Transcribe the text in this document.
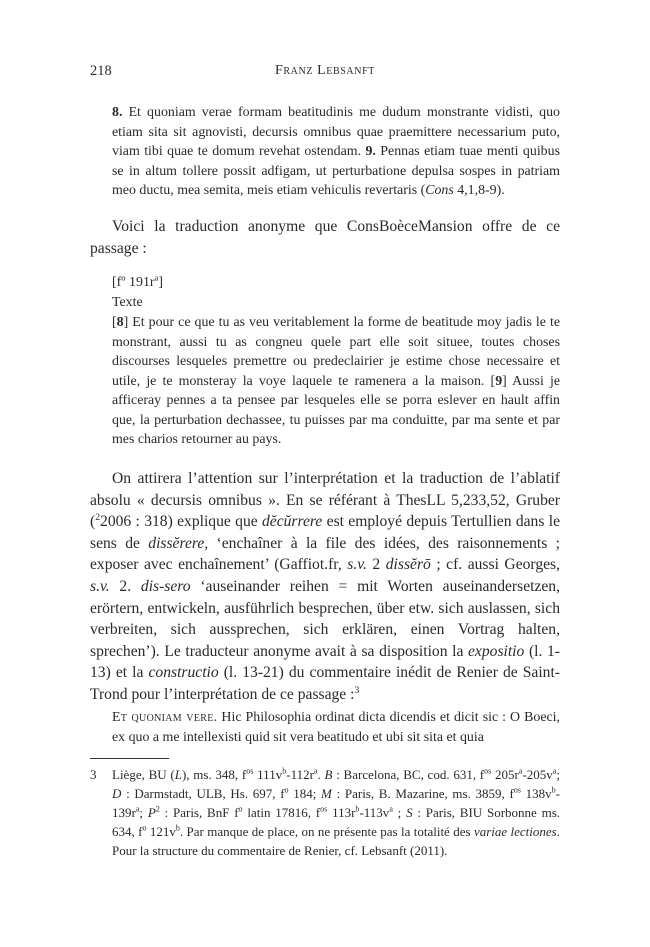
218	Franz Lebsanft

8. Et quoniam verae formam beatitudinis me dudum monstrante vidisti, quo etiam sita sit agnovisti, decursis omnibus quae praemittere necessarium puto, viam tibi quae te domum revehat ostendam. 9. Pennas etiam tuae menti quibus se in altum tollere possit adfigam, ut perturbatione depulsa sospes in patriam meo ductu, mea semita, meis etiam vehiculis revertaris (Cons 4,1,8-9).

Voici la traduction anonyme que ConsBoèceMansion offre de ce passage :

[$f^o$ $191r^a$]
Texte

[8] Et pour ce que tu as veu veritablement la forme de beatitude moy jadis le te monstrant, aussi tu as congneu quele part elle soit situee, toutes choses discourses lesqueles premettre ou predeclairier je estime chose necessaire et utile, je te monsteray la voye laquele te ramenera a la maison. [9] Aussi je afficeray pennes a ta pensee par lesqueles elle se porra eslever en hault affin que, la perturbation dechassee, tu puisses par ma conduitte, par ma sente et par mes charios retourner au pays.

On attirera l’attention sur l’interprétation et la traduction de l’ablatif absolu « decursis omnibus ». En se référant à ThesLL 5,233,52, Gruber ($^2$2006 : 318) explique que dĕcŭrrere est employé depuis Tertullien dans le sens de dissĕrere, ‘enchaîner à la file des idées, des raisonnements ; exposer avec enchaînement’ (Gaffiot.fr, s.v. 2 dissĕrō ; cf. aussi Georges, s.v. 2. dis-sero ‘auseinander reihen = mit Worten auseinandersetzen, erörtern, entwickeln, ausführlich besprechen, über etw. sich auslassen, sich verbreiten, sich aussprechen, sich erklären, einen Vortrag halten, sprechen’). Le traducteur anonyme avait à sa disposition la expositio (l. 1-13) et la constructio (l. 13-21) du commentaire inédit de Renier de Saint-Trond pour l’interprétation de ce passage :$^3$

Et quoniam vere. Hic Philosophia ordinat dicta dicendis et dicit sic : O Boeci, ex quo a me intellexisti quid sit vera beatitudo et ubi sit sita et quia

3	Liège, BU (L), ms. 348, $f^{os}$ $111v^b-112r^a$. B : Barcelona, BC, cod. 631, $f^{os}$ $205r^a-205v^a$; D : Darmstadt, ULB, Hs. 697, $f^o$ 184; M : Paris, B. Mazarine, ms. 3859, $f^{os}$ $138v^b-139r^a$; $P^2$ : Paris, BnF $f^o$ latin 17816, $f^{os}$ $113r^b-113v^a$ ; S : Paris, BIU Sorbonne ms. 634, $f^o$ $121v^b$. Par manque de place, on ne présente pas la totalité des variae lectiones. Pour la structure du commentaire de Renier, cf. Lebsanft (2011).
